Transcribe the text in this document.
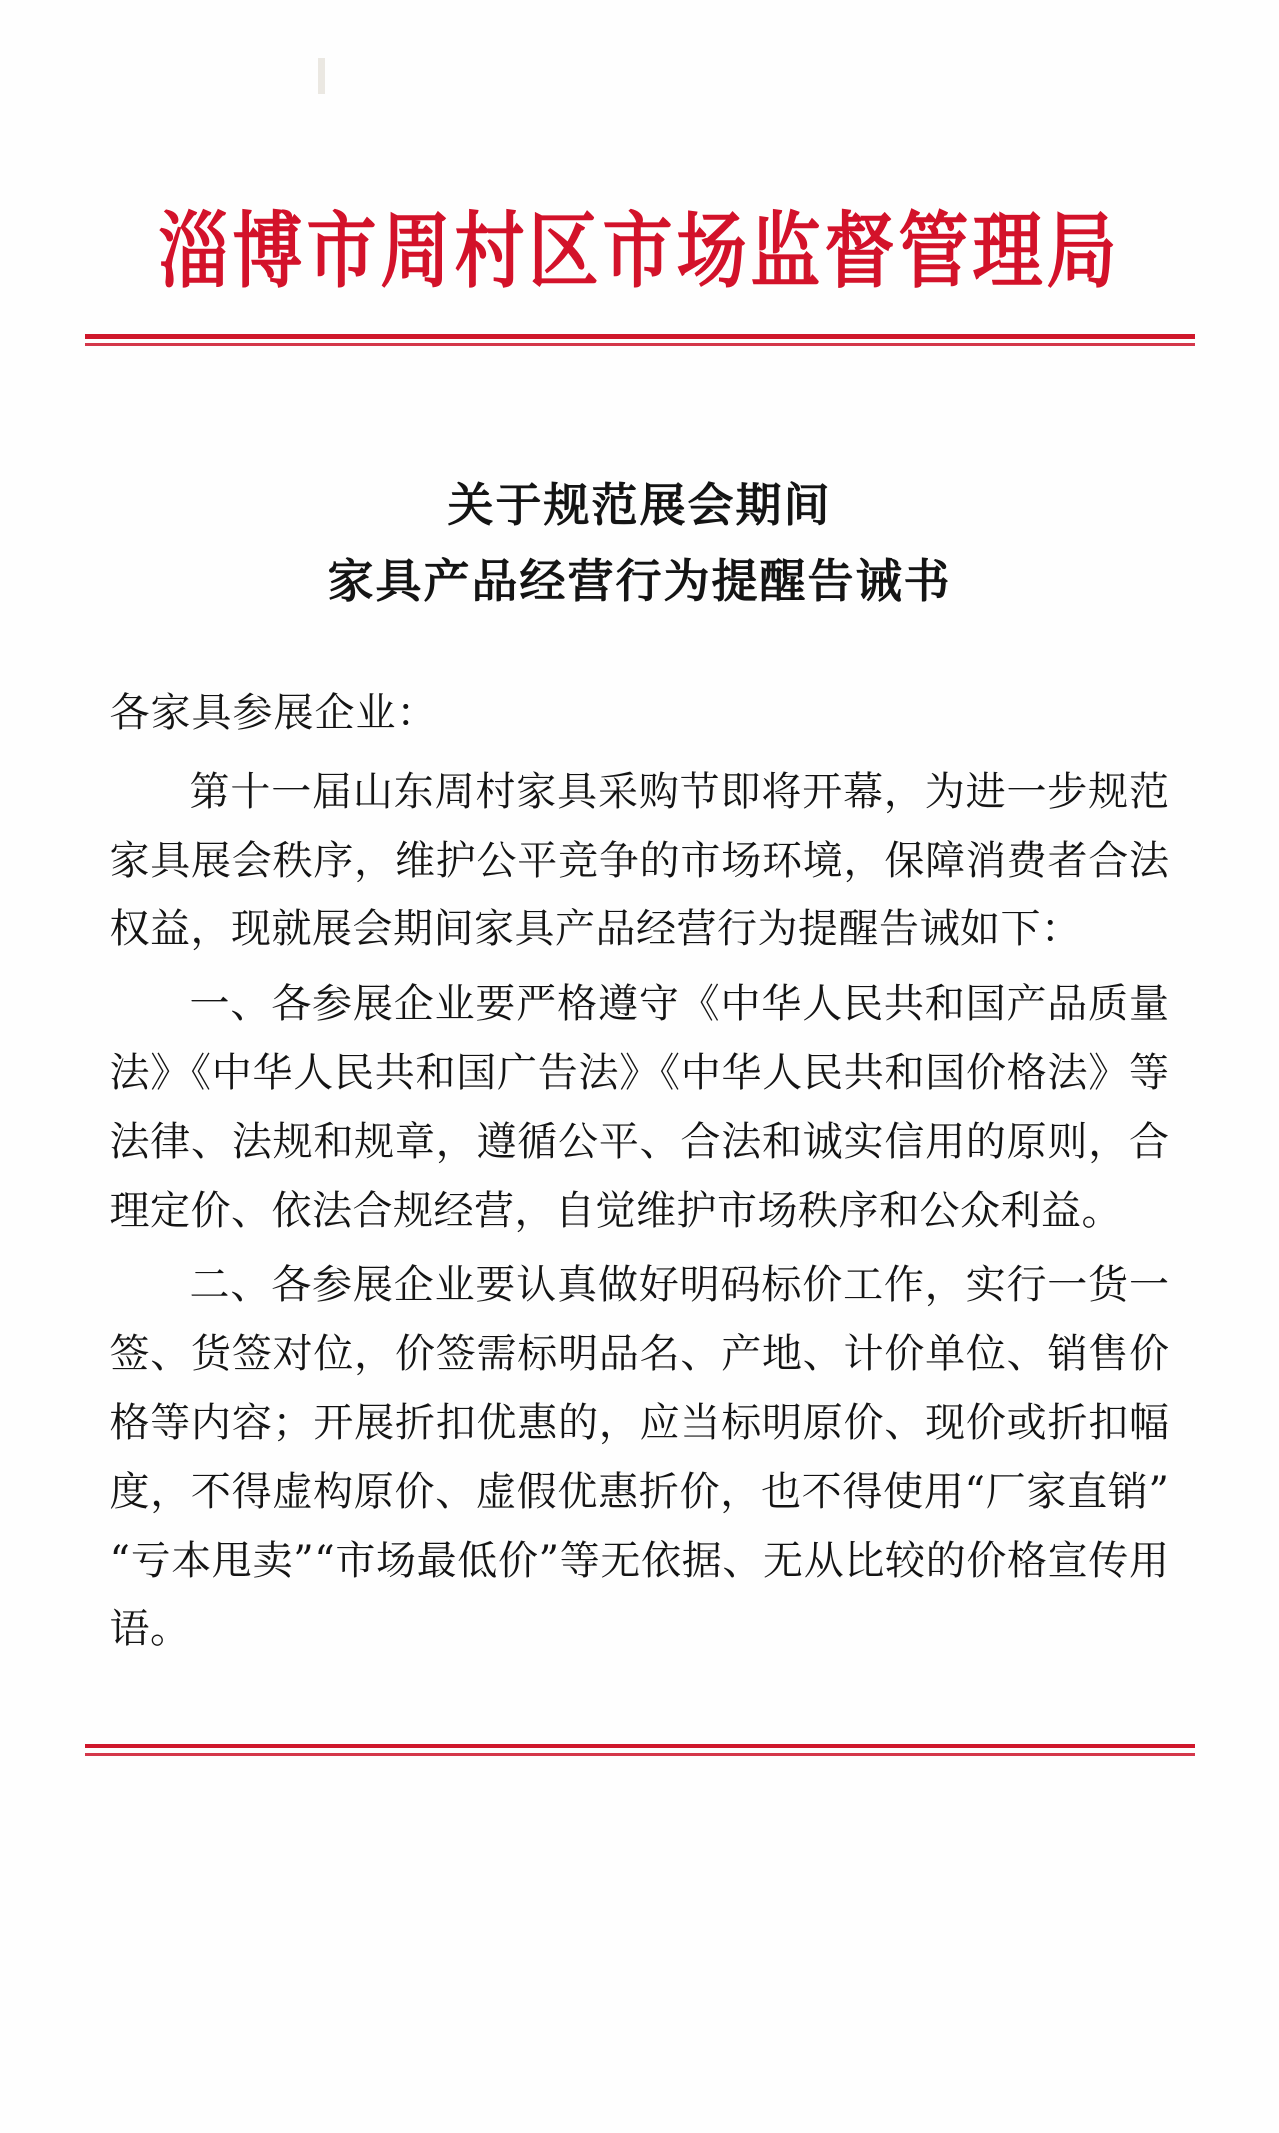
淄博市周村区市场监督管理局
关于规范展会期间
家具产品经营行为提醒告诫书
各家具参展企业：

第十一届山东周村家具采购节即将开幕，为进一步规范家具展会秩序，维护公平竞争的市场环境，保障消费者合法权益，现就展会期间家具产品经营行为提醒告诫如下：

一、各参展企业要严格遵守《中华人民共和国产品质量法》《中华人民共和国广告法》《中华人民共和国价格法》等法律、法规和规章，遵循公平、合法和诚实信用的原则，合理定价、依法合规经营，自觉维护市场秩序和公众利益。

二、各参展企业要认真做好明码标价工作，实行一货一签、货签对位，价签需标明品名、产地、计价单位、销售价格等内容；开展折扣优惠的，应当标明原价、现价或折扣幅度，不得虚构原价、虚假优惠折价，也不得使用“厂家直销”“亏本甩卖”“市场最低价”等无依据、无从比较的价格宣传用语。
